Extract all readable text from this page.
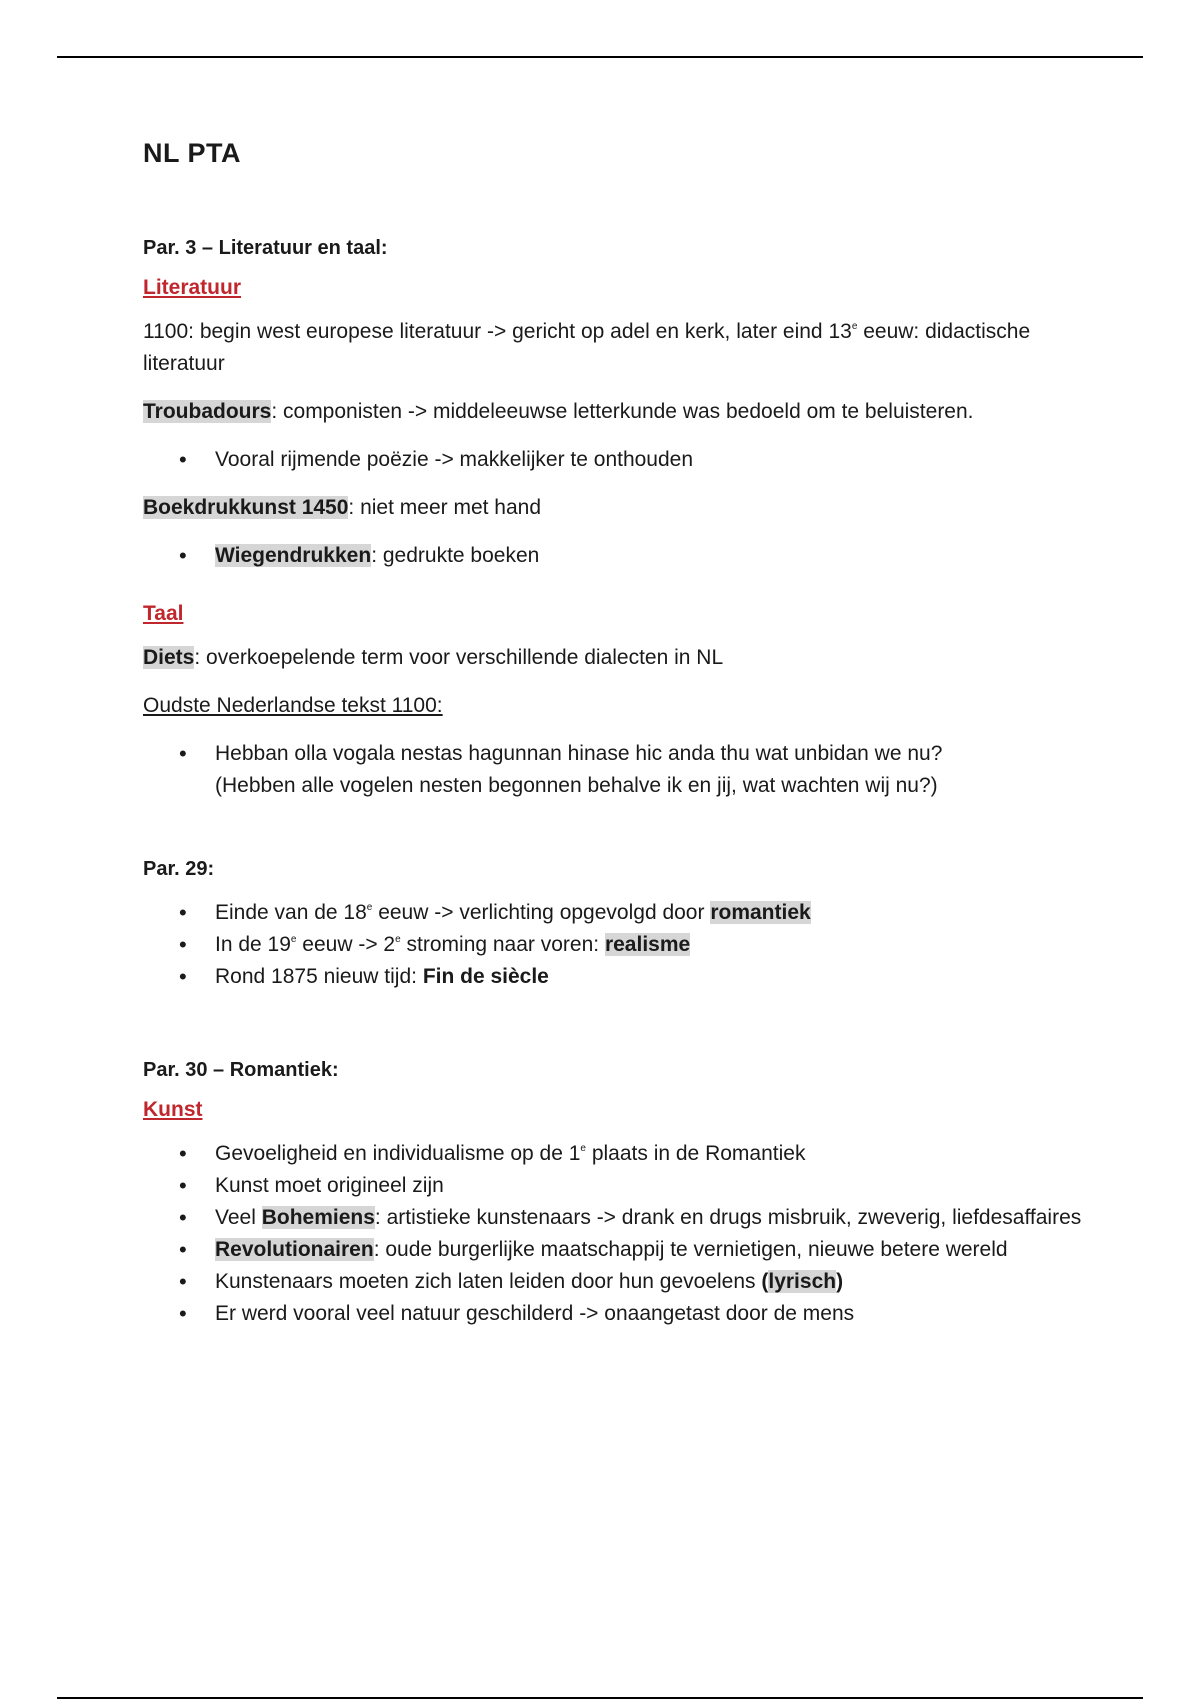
NL PTA
Par. 3 – Literatuur en taal:
Literatuur

1100: begin west europese literatuur -> gericht op adel en kerk, later eind 13e eeuw: didactische literatuur

Troubadours: componisten -> middeleeuwse letterkunde was bedoeld om te beluisteren.

• Vooral rijmende poëzie -> makkelijker te onthouden

Boekdrukkunst 1450: niet meer met hand

• Wiegendrukken: gedrukte boeken
Taal

Diets: overkoepelende term voor verschillende dialecten in NL

Oudste Nederlandse tekst 1100:

• Hebban olla vogala nestas hagunnan hinase hic anda thu wat unbidan we nu?
(Hebben alle vogelen nesten begonnen behalve ik en jij, wat wachten wij nu?)
Par. 29:
• Einde van de 18e eeuw -> verlichting opgevolgd door romantiek
• In de 19e eeuw -> $2^e$ stroming naar voren: realisme
• Rond 1875 nieuw tijd: Fin de siècle
Par. 30 – Romantiek:
Kunst
• Gevoeligheid en individualisme op de 1e plaats in de Romantiek
• Kunst moet origineel zijn
• Veel Bohemiens: artistieke kunstenaars -> drank en drugs misbruik, zweverig, liefdesaffaires
• Revolutionairen: oude burgerlijke maatschappij te vernietigen, nieuwe betere wereld
• Kunstenaars moeten zich laten leiden door hun gevoelens (lyrisch)
• Er werd vooral veel natuur geschilderd -> onaangetast door de mens
